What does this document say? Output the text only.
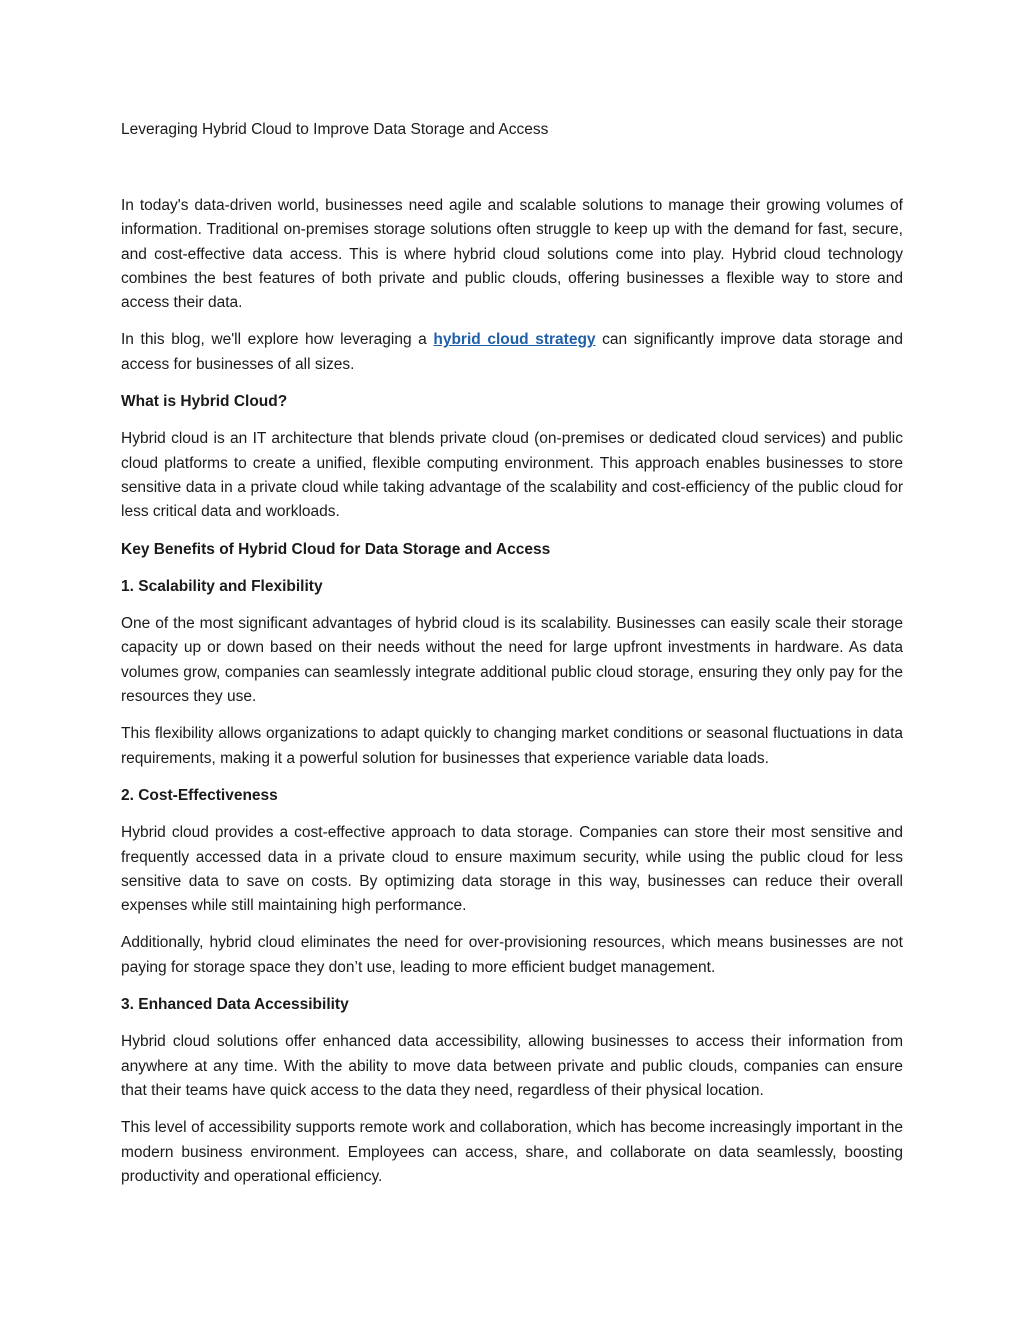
Leveraging Hybrid Cloud to Improve Data Storage and Access

In today's data-driven world, businesses need agile and scalable solutions to manage their growing volumes of information. Traditional on-premises storage solutions often struggle to keep up with the demand for fast, secure, and cost-effective data access. This is where hybrid cloud solutions come into play. Hybrid cloud technology combines the best features of both private and public clouds, offering businesses a flexible way to store and access their data.

In this blog, we'll explore how leveraging a hybrid cloud strategy can significantly improve data storage and access for businesses of all sizes.

What is Hybrid Cloud?

Hybrid cloud is an IT architecture that blends private cloud (on-premises or dedicated cloud services) and public cloud platforms to create a unified, flexible computing environment. This approach enables businesses to store sensitive data in a private cloud while taking advantage of the scalability and cost-efficiency of the public cloud for less critical data and workloads.

Key Benefits of Hybrid Cloud for Data Storage and Access

1. Scalability and Flexibility

One of the most significant advantages of hybrid cloud is its scalability. Businesses can easily scale their storage capacity up or down based on their needs without the need for large upfront investments in hardware. As data volumes grow, companies can seamlessly integrate additional public cloud storage, ensuring they only pay for the resources they use.

This flexibility allows organizations to adapt quickly to changing market conditions or seasonal fluctuations in data requirements, making it a powerful solution for businesses that experience variable data loads.

2. Cost-Effectiveness

Hybrid cloud provides a cost-effective approach to data storage. Companies can store their most sensitive and frequently accessed data in a private cloud to ensure maximum security, while using the public cloud for less sensitive data to save on costs. By optimizing data storage in this way, businesses can reduce their overall expenses while still maintaining high performance.

Additionally, hybrid cloud eliminates the need for over-provisioning resources, which means businesses are not paying for storage space they don’t use, leading to more efficient budget management.

3. Enhanced Data Accessibility

Hybrid cloud solutions offer enhanced data accessibility, allowing businesses to access their information from anywhere at any time. With the ability to move data between private and public clouds, companies can ensure that their teams have quick access to the data they need, regardless of their physical location.

This level of accessibility supports remote work and collaboration, which has become increasingly important in the modern business environment. Employees can access, share, and collaborate on data seamlessly, boosting productivity and operational efficiency.
